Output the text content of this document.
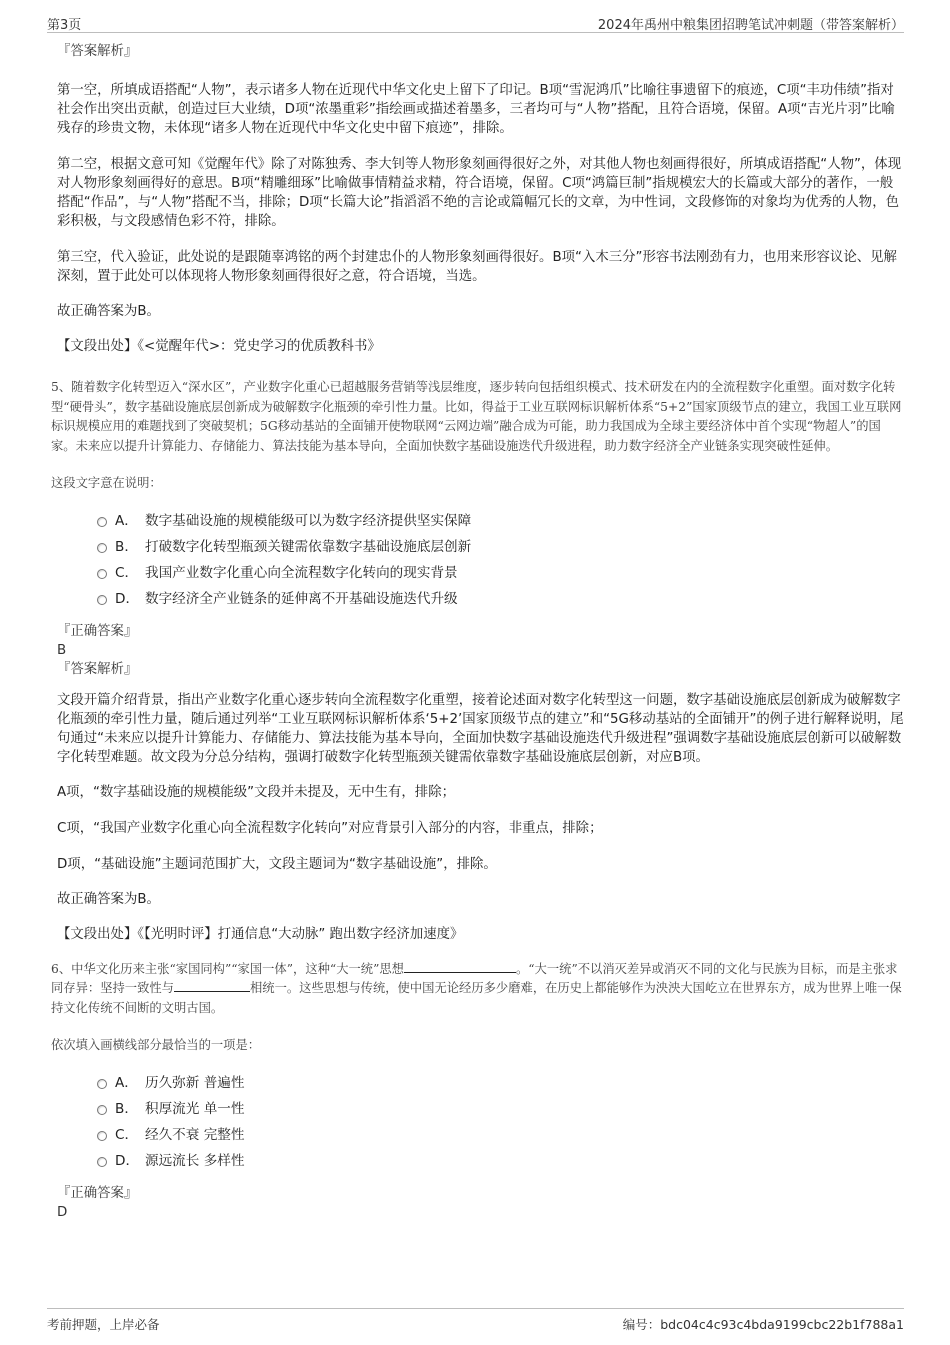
第3页	2024年禹州中粮集团招聘笔试冲刺题（带答案解析）

『答案解析』

第一空，所填成语搭配“人物”，表示诸多人物在近现代中华文化史上留下了印记。B项“雪泥鸿爪”比喻往事遗留下的痕迹，C项“丰功伟绩”指对社会作出突出贡献，创造过巨大业绩，D项“浓墨重彩”指绘画或描述着墨多，三者均可与“人物”搭配，且符合语境，保留。A项“吉光片羽”比喻残存的珍贵文物，未体现“诸多人物在近现代中华文化史中留下痕迹”，排除。

第二空，根据文意可知《觉醒年代》除了对陈独秀、李大钊等人物形象刻画得很好之外，对其他人物也刻画得很好，所填成语搭配“人物”，体现对人物形象刻画得好的意思。B项“精雕细琢”比喻做事情精益求精，符合语境，保留。C项“鸿篇巨制”指规模宏大的长篇或大部分的著作，一般搭配“作品”，与“人物”搭配不当，排除；D项“长篇大论”指滔滔不绝的言论或篇幅冗长的文章，为中性词，文段修饰的对象均为优秀的人物，色彩积极，与文段感情色彩不符，排除。

第三空，代入验证，此处说的是跟随辜鸿铭的两个封建忠仆的人物形象刻画得很好。B项“入木三分”形容书法刚劲有力，也用来形容议论、见解深刻，置于此处可以体现将人物形象刻画得很好之意，符合语境，当选。

故正确答案为B。

【文段出处】《<觉醒年代>：党史学习的优质教科书》

5、随着数字化转型迈入“深水区”，产业数字化重心已超越服务营销等浅层维度，逐步转向包括组织模式、技术研发在内的全流程数字化重塑。面对数字化转型“硬骨头”，数字基础设施底层创新成为破解数字化瓶颈的牵引性力量。比如，得益于工业互联网标识解析体系“5+2”国家顶级节点的建立，我国工业互联网标识规模应用的难题找到了突破契机；5G移动基站的全面铺开使物联网“云网边端”融合成为可能，助力我国成为全球主要经济体中首个实现“物超人”的国家。未来应以提升计算能力、存储能力、算法技能为基本导向，全面加快数字基础设施迭代升级进程，助力数字经济全产业链条实现突破性延伸。

这段文字意在说明：

A． 数字基础设施的规模能级可以为数字经济提供坚实保障
B． 打破数字化转型瓶颈关键需依靠数字基础设施底层创新
C． 我国产业数字化重心向全流程数字化转向的现实背景
D． 数字经济全产业链条的延伸离不开基础设施迭代升级

『正确答案』

B

『答案解析』

文段开篇介绍背景，指出产业数字化重心逐步转向全流程数字化重塑，接着论述面对数字化转型这一问题，数字基础设施底层创新成为破解数字化瓶颈的牵引性力量，随后通过列举“工业互联网标识解析体系‘5+2’国家顶级节点的建立”和“5G移动基站的全面铺开”的例子进行解释说明，尾句通过“未来应以提升计算能力、存储能力、算法技能为基本导向，全面加快数字基础设施迭代升级进程”强调数字基础设施底层创新可以破解数字化转型难题。故文段为分总分结构，强调打破数字化转型瓶颈关键需依靠数字基础设施底层创新，对应B项。

A项，“数字基础设施的规模能级”文段并未提及，无中生有，排除；

C项，“我国产业数字化重心向全流程数字化转向”对应背景引入部分的内容，非重点，排除；

D项，“基础设施”主题词范围扩大，文段主题词为“数字基础设施”，排除。

故正确答案为B。

【文段出处】《【光明时评】打通信息“大动脉” 跑出数字经济加速度》

6、中华文化历来主张“家国同构”“家国一体”，这种“大一统”思想	。“大一统”不以消灭差异或消灭不同的文化与民族为目标，而是主张求同存异：坚持一致性与	相统一。这些思想与传统，使中国无论经历多少磨难，在历史上都能够作为泱泱大国屹立在世界东方，成为世界上唯一保持文化传统不间断的文明古国。

依次填入画横线部分最恰当的一项是：

A． 历久弥新 普遍性
B． 积厚流光 单一性
C． 经久不衰 完整性
D． 源远流长 多样性

『正确答案』

D

考前押题，上岸必备	编号：bdc04c4c93c4bda9199cbc22b1f788a1
